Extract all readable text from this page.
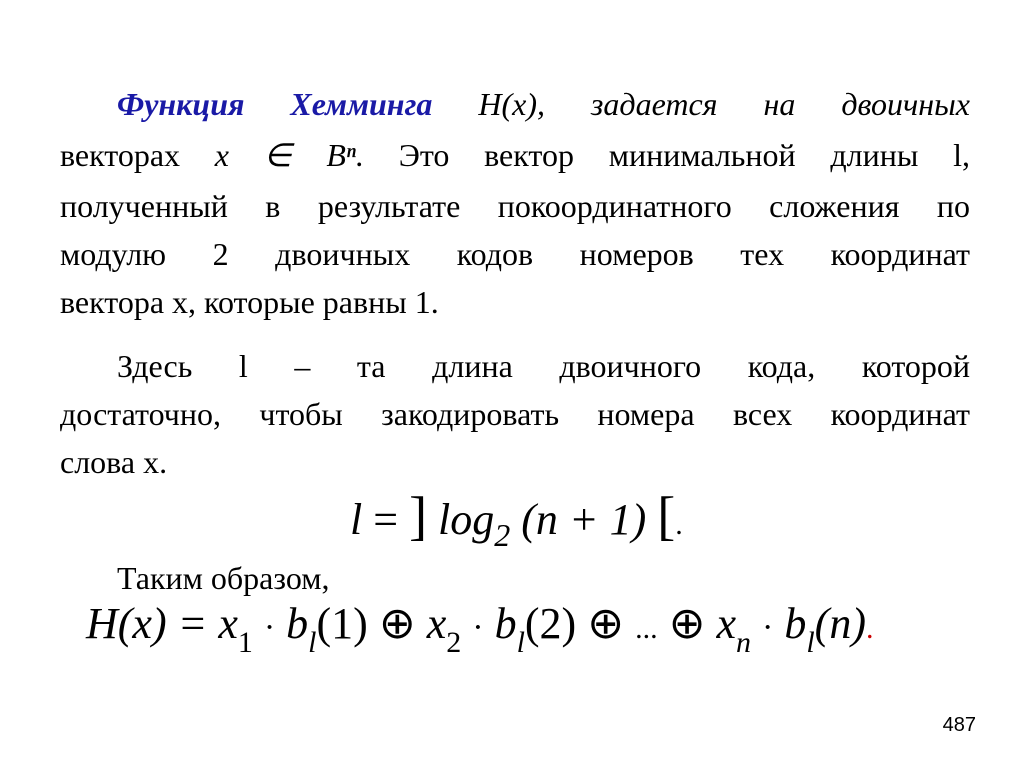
Функция Хемминга H(x), задается на двоичных
векторах x ∈ Bⁿ. Это вектор минимальной длины l,
полученный в результате покоординатного сложения по
модулю 2 двоичных кодов номеров тех координат
вектора x, которые равны 1.
Здесь l – та длина двоичного кода, которой
достаточно, чтобы закодировать номера всех координат
слова x.
l = ] $\log_2 (n + 1)$ [.
Таким образом,
$H(x) = x_1 \cdot b_l(1)$ ⊕ $x_2 \cdot b_l(2)$ ⊕ ... ⊕ $x_n \cdot b_l(n)$.
487
